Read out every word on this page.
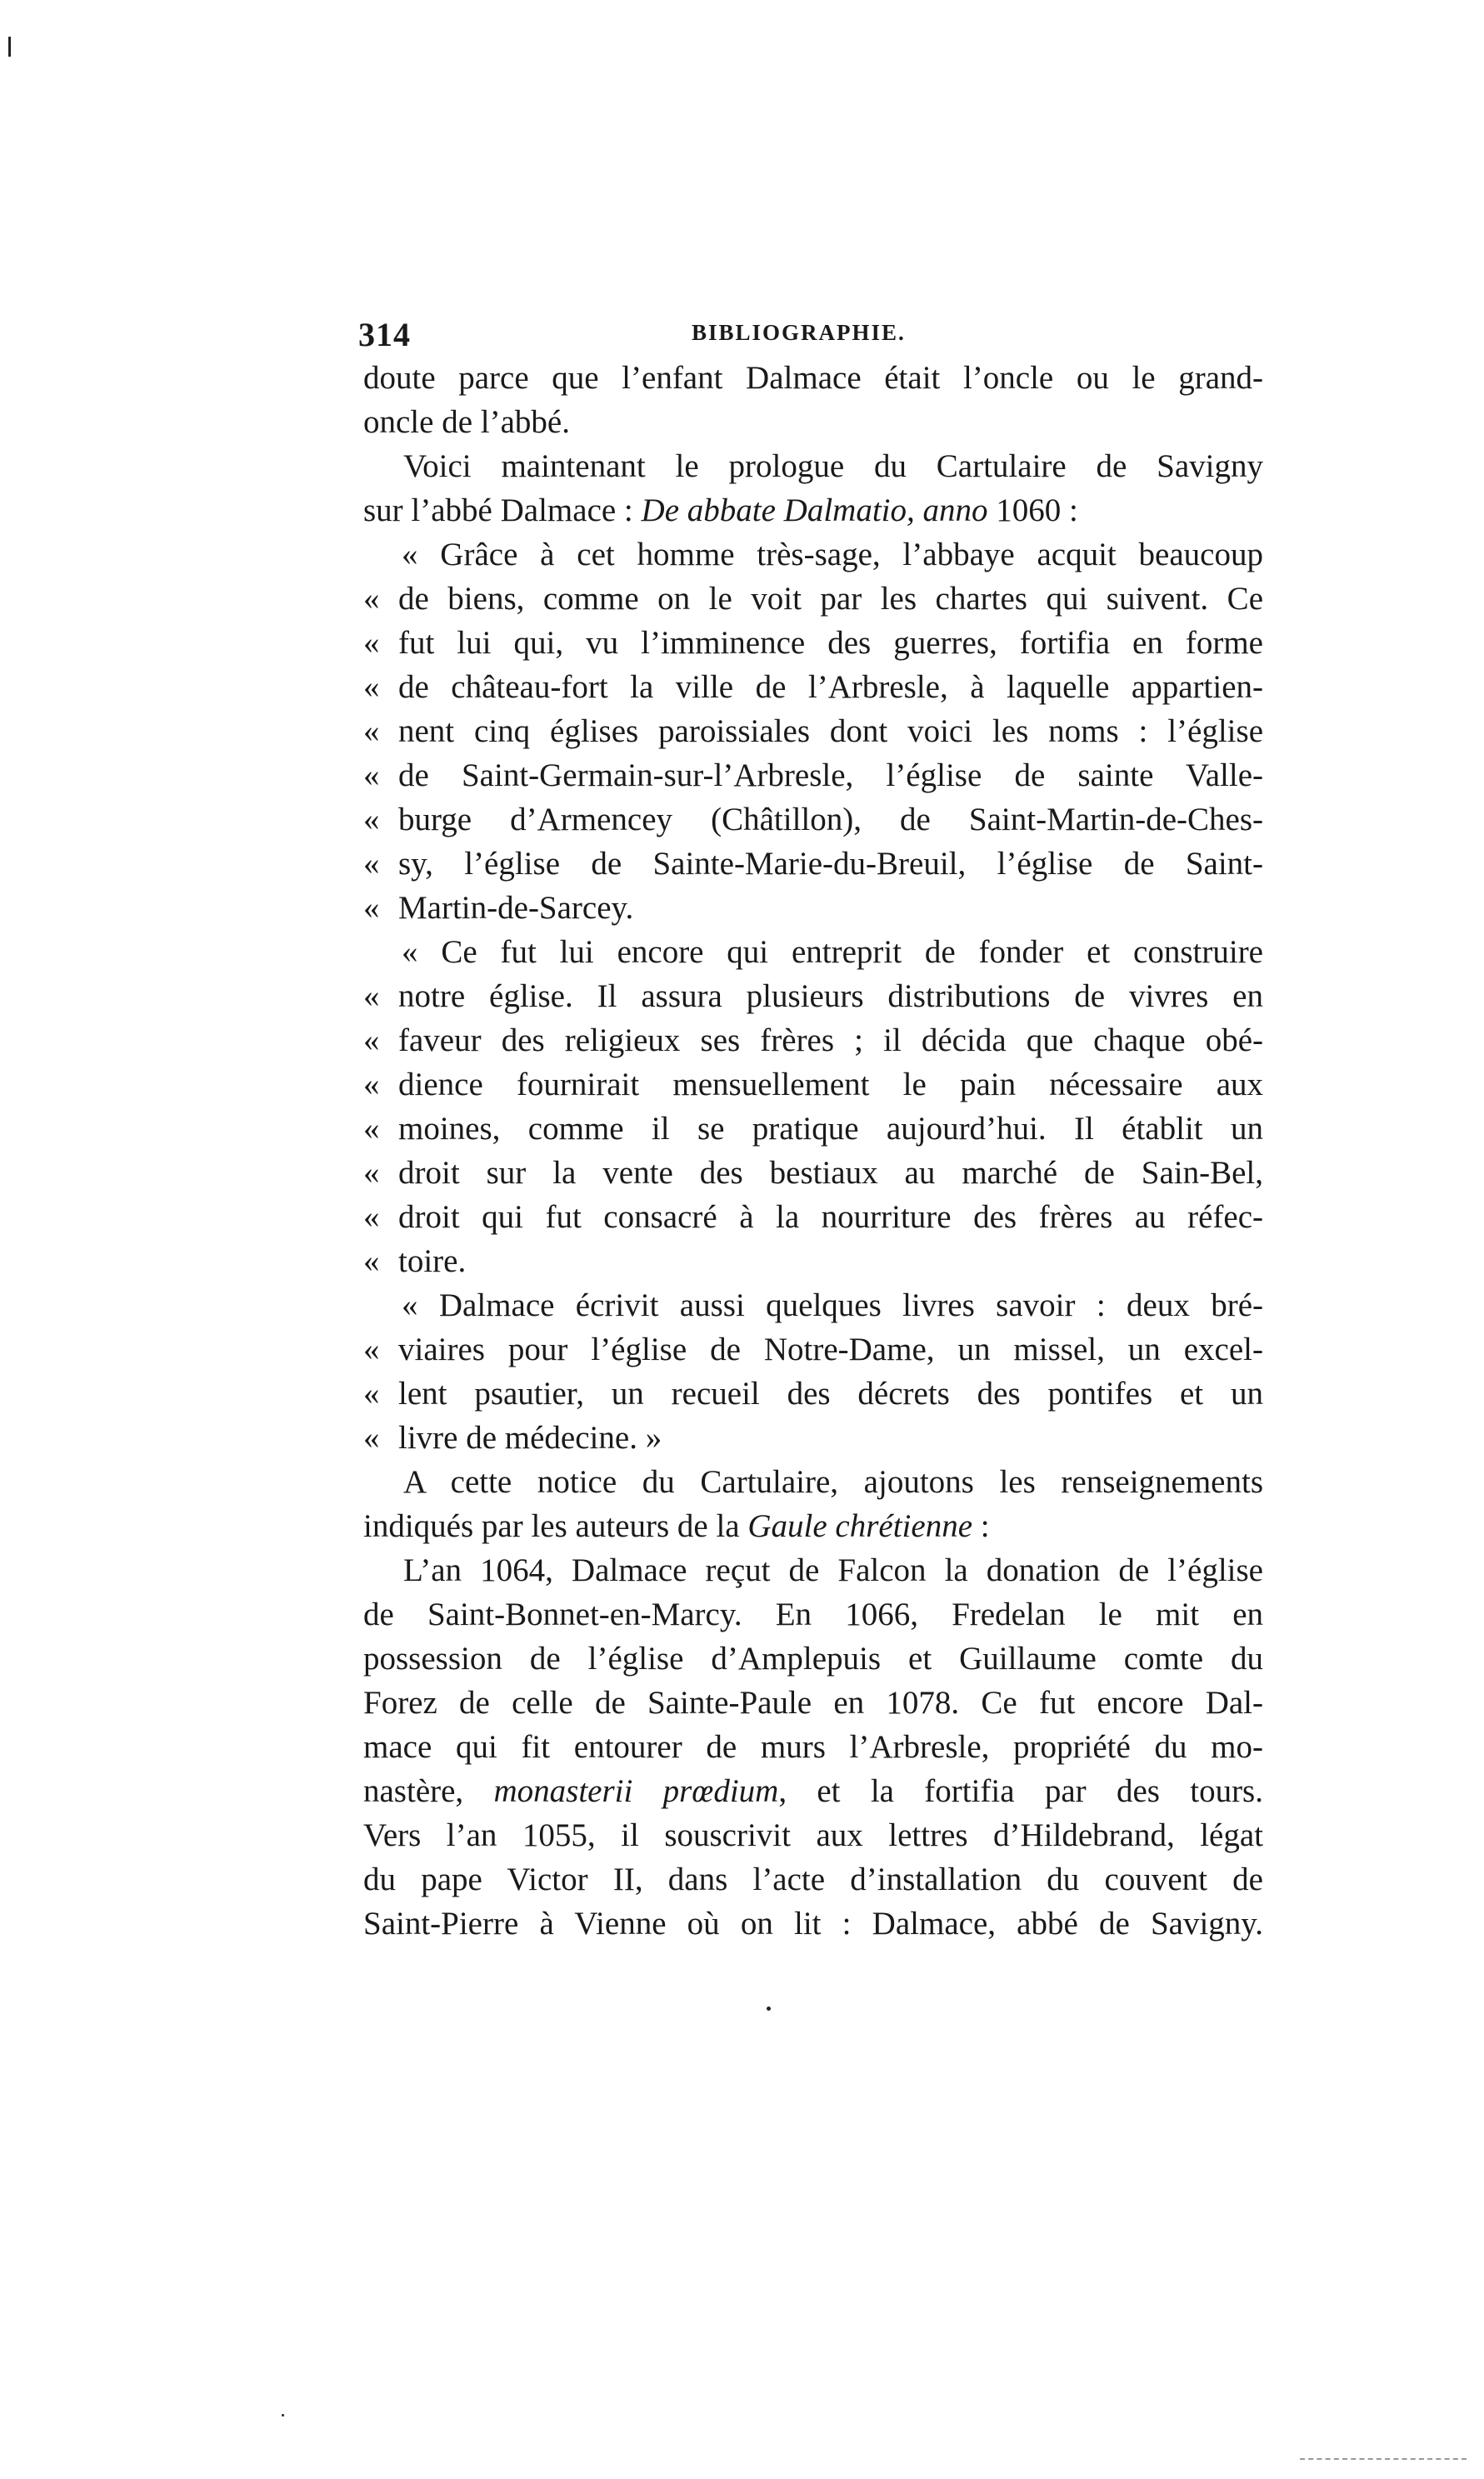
314	BIBLIOGRAPHIE.
doute parce que l’enfant Dalmace était l’oncle ou le grand-
oncle de l’abbé.
Voici maintenant le prologue du Cartulaire de Savigny
sur l’abbé Dalmace : De abbate Dalmatio, anno 1060 :
« Grâce à cet homme très-sage, l’abbaye acquit beaucoup
« de biens, comme on le voit par les chartes qui suivent. Ce
« fut lui qui, vu l’imminence des guerres, fortifia en forme
« de château-fort la ville de l’Arbresle, à laquelle appartien-
« nent cinq églises paroissiales dont voici les noms : l’église
« de Saint-Germain-sur-l’Arbresle, l’église de sainte Valle-
« burge d’Armencey (Châtillon), de Saint-Martin-de-Ches-
« sy, l’église de Sainte-Marie-du-Breuil, l’église de Saint-
« Martin-de-Sarcey.
« Ce fut lui encore qui entreprit de fonder et construire
« notre église. Il assura plusieurs distributions de vivres en
« faveur des religieux ses frères ; il décida que chaque obé-
« dience fournirait mensuellement le pain nécessaire aux
« moines, comme il se pratique aujourd’hui. Il établit un
« droit sur la vente des bestiaux au marché de Sain-Bel,
« droit qui fut consacré à la nourriture des frères au réfec-
« toire.
« Dalmace écrivit aussi quelques livres savoir : deux bré-
« viaires pour l’église de Notre-Dame, un missel, un excel-
« lent psautier, un recueil des décrets des pontifes et un
« livre de médecine. »
A cette notice du Cartulaire, ajoutons les renseignements
indiqués par les auteurs de la Gaule chrétienne :
L’an 1064, Dalmace reçut de Falcon la donation de l’église
de Saint-Bonnet-en-Marcy. En 1066, Fredelan le mit en
possession de l’église d’Amplepuis et Guillaume comte du
Forez de celle de Sainte-Paule en 1078. Ce fut encore Dal-
mace qui fit entourer de murs l’Arbresle, propriété du mo-
nastère, monasterii prœdium, et la fortifia par des tours.
Vers l’an 1055, il souscrivit aux lettres d’Hildebrand, légat
du pape Victor II, dans l’acte d’installation du couvent de
Saint-Pierre à Vienne où on lit : Dalmace, abbé de Savigny.
